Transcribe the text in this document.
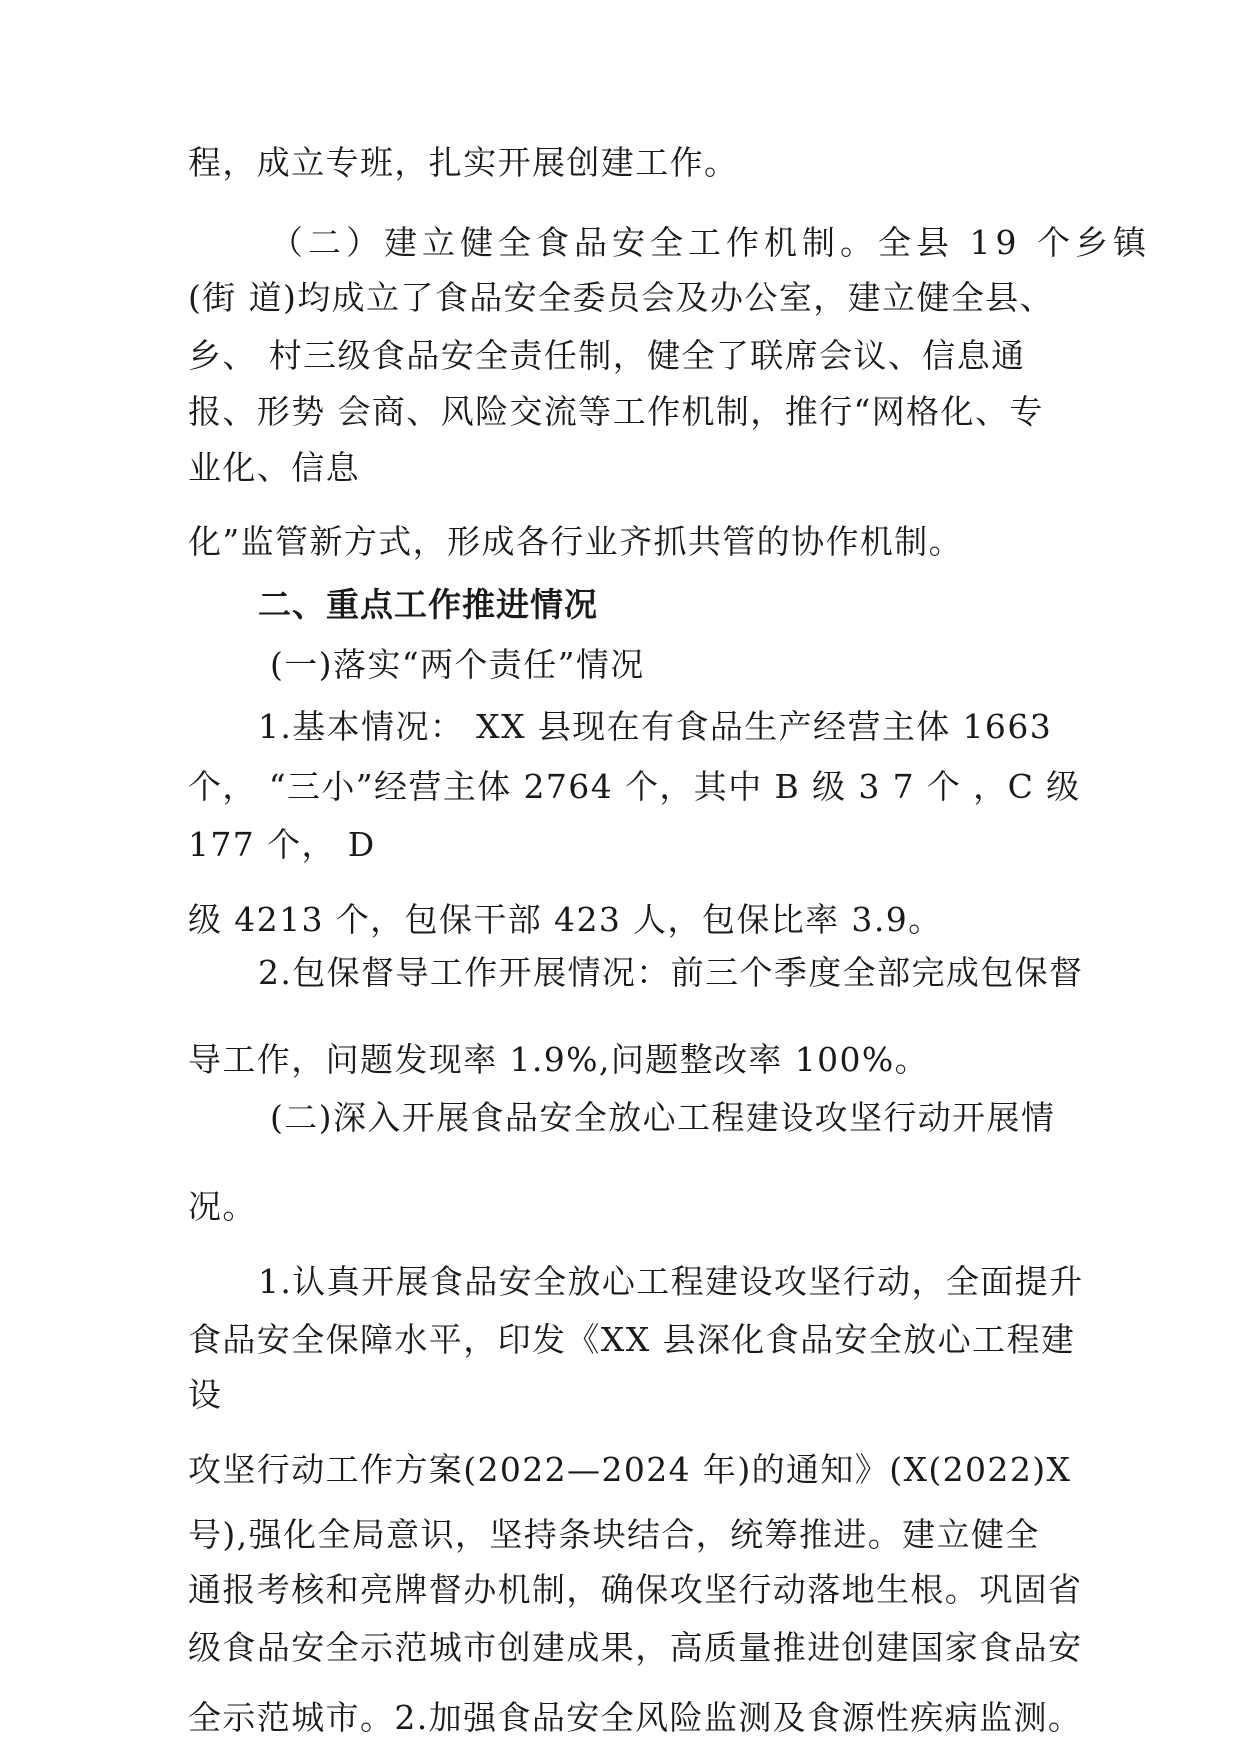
程，成立专班，扎实开展创建工作。
（二）建立健全食品安全工作机制。全县 19 个乡镇
(街 道)均成立了食品安全委员会及办公室，建立健全县、
乡、 村三级食品安全责任制，健全了联席会议、信息通
报、形势 会商、风险交流等工作机制，推行“网格化、专
业化、信息
化”监管新方式，形成各行业齐抓共管的协作机制。
二、重点工作推进情况
(一)落实“两个责任”情况
1.基本情况： XX 县现在有食品生产经营主体 1663
个， “三小”经营主体 2764 个，其中 B 级 3 7 个 ，C 级
177 个， D
级 4213 个，包保干部 423 人，包保比率 3.9。
2.包保督导工作开展情况：前三个季度全部完成包保督
导工作，问题发现率 1.9%,问题整改率 100%。
(二)深入开展食品安全放心工程建设攻坚行动开展情
况。
1.认真开展食品安全放心工程建设攻坚行动，全面提升
食品安全保障水平，印发《XX 县深化食品安全放心工程建
设
攻坚行动工作方案(2022—2024 年)的通知》(X(2022)X
号),强化全局意识，坚持条块结合，统筹推进。建立健全
通报考核和亮牌督办机制，确保攻坚行动落地生根。巩固省
级食品安全示范城市创建成果，高质量推进创建国家食品安
全示范城市。2.加强食品安全风险监测及食源性疾病监测。
